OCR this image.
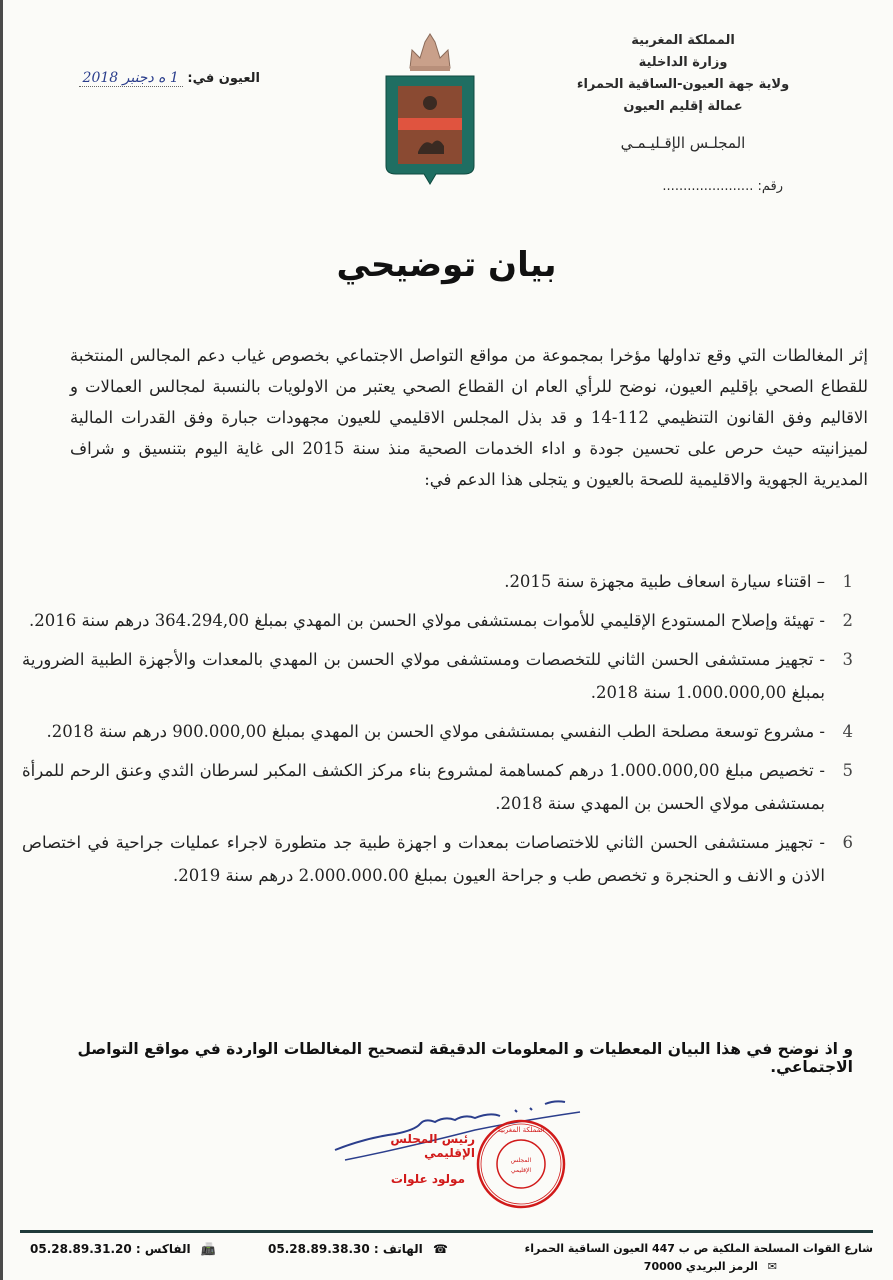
المملكة المغربية
وزارة الداخلية
ولاية جهة العيون-الساقية الحمراء
عمالة إقليم العيون
المجلـس الإقـليـمـي
رقم: ......................
العيون في: 1 ه دجنبر 2018
بيان توضيحي
إثر المغالطات التي وقع تداولها مؤخرا بمجموعة من مواقع التواصل الاجتماعي بخصوص غياب دعم المجالس المنتخبة للقطاع الصحي بإقليم العيون، نوضح للرأي العام ان القطاع الصحي يعتبر من الاولويات بالنسبة لمجالس العمالات و الاقاليم وفق القانون التنظيمي 112-14 و قد بذل المجلس الاقليمي للعيون مجهودات جبارة وفق القدرات المالية لميزانيته حيث حرص على تحسين جودة و اداء الخدمات الصحية منذ سنة 2015 الى غاية اليوم بتنسيق و شراف المديرية الجهوية والاقليمية للصحة بالعيون و يتجلى هذا الدعم في:
1
– اقتناء سيارة اسعاف طبية مجهزة سنة 2015.
2
- تهيئة وإصلاح المستودع الإقليمي للأموات بمستشفى مولاي الحسن بن المهدي بمبلغ 364.294,00 درهم سنة 2016.
3
- تجهيز مستشفى الحسن الثاني للتخصصات ومستشفى مولاي الحسن بن المهدي بالمعدات والأجهزة الطبية الضرورية بمبلغ 1.000.000,00 سنة 2018.
4
- مشروع توسعة مصلحة الطب النفسي بمستشفى مولاي الحسن بن المهدي بمبلغ 900.000,00 درهم سنة 2018.
5
- تخصيص مبلغ 1.000.000,00 درهم كمساهمة لمشروع بناء مركز الكشف المكبر لسرطان الثدي وعنق الرحم للمرأة بمستشفى مولاي الحسن بن المهدي سنة 2018.
6
- تجهيز مستشفى الحسن الثاني للاختصاصات بمعدات و اجهزة طبية جد متطورة لاجراء عمليات جراحية في اختصاص الاذن و الانف و الحنجرة و تخصص طب و جراحة العيون بمبلغ 2.000.000.00 درهم سنة 2019.
و اذ نوضح في هذا البيان المعطيات و المعلومات الدقيقة لتصحيح المغالطات الواردة في مواقع التواصل الاجتماعي.
رئيس المجلس الإقليمي
مولود علوات
المجلس
الإقليمي
المملكة المغربية
شارع القوات المسلحة الملكية ص ب 447 العيون الساقية الحمراء
✉ الرمز البريدي 70000
☎ الهاتف : 05.28.89.38.30
📠 الفاكس : 05.28.89.31.20
